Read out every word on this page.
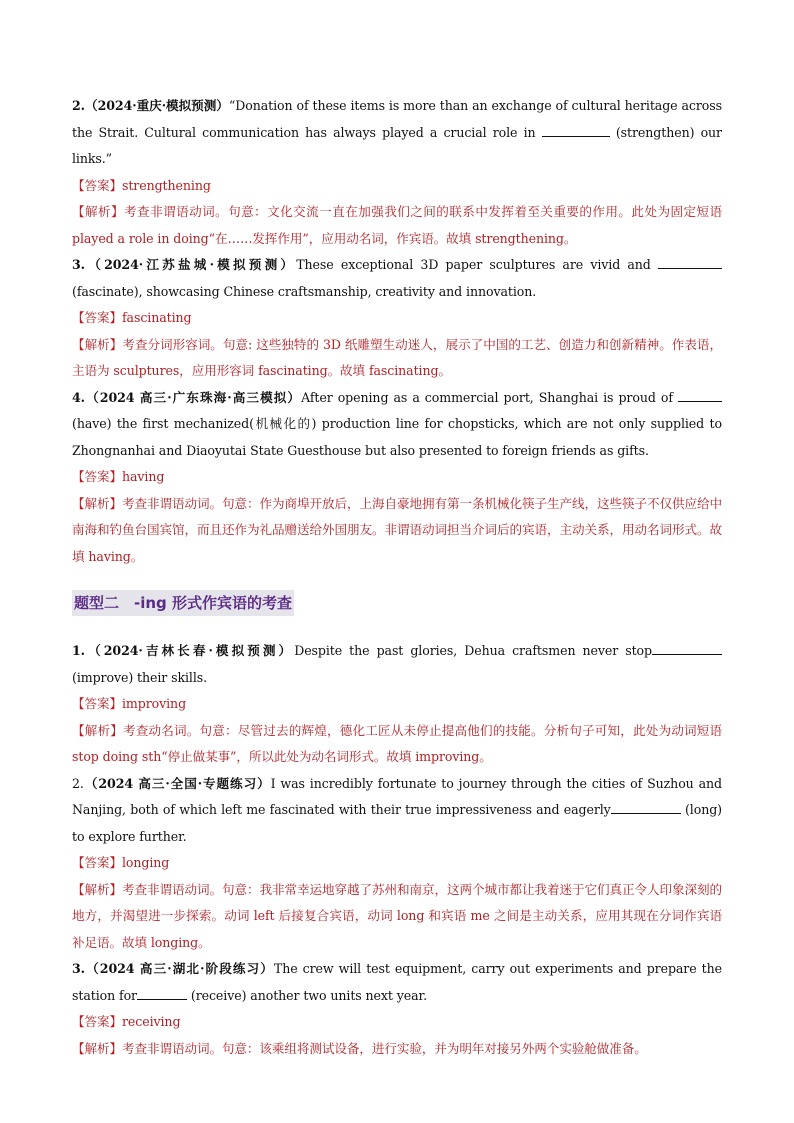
2.（2024·重庆·模拟预测）“Donation of these items is more than an exchange of cultural heritage across the Strait. Cultural communication has always played a crucial role in	(strengthen) our links.”

【答案】strengthening

【解析】考查非谓语动词。句意：文化交流一直在加强我们之间的联系中发挥着至关重要的作用。此处为固定短语 played a role in doing“在……发挥作用”，应用动名词，作宾语。故填 strengthening。

3.（2024·江苏盐城·模拟预测）These exceptional 3D paper sculptures are vivid and (fascinate), showcasing Chinese craftsmanship, creativity and innovation.

【答案】fascinating

【解析】考查分词形容词。句意: 这些独特的 3D 纸雕塑生动迷人，展示了中国的工艺、创造力和创新精神。作表语，主语为 sculptures，应用形容词 fascinating。故填 fascinating。

4.（2024 高三·广东珠海·高三模拟）After opening as a commercial port, Shanghai is proud of  (have) the first mechanized(机械化的) production line for chopsticks, which are not only supplied to Zhongnanhai and Diaoyutai State Guesthouse but also presented to foreign friends as gifts.

【答案】having

【解析】考查非谓语动词。句意：作为商埠开放后，上海自豪地拥有第一条机械化筷子生产线，这些筷子不仅供应给中南海和钓鱼台国宾馆，而且还作为礼品赠送给外国朋友。非谓语动词担当介词后的宾语，主动关系，用动名词形式。故填 having。

题型二　-ing 形式作宾语的考查

1.（2024·吉林长春·模拟预测）Despite the past glories, Dehua craftsmen never stop (improve) their skills.

【答案】improving

【解析】考查动名词。句意：尽管过去的辉煌，德化工匠从未停止提高他们的技能。分析句子可知，此处为动词短语 stop doing sth“停止做某事”，所以此处为动名词形式。故填 improving。

2.（2024 高三·全国·专题练习）I was incredibly fortunate to journey through the cities of Suzhou and Nanjing, both of which left me fascinated with their true impressiveness and eagerly	(long) to explore further.

【答案】longing

【解析】考查非谓语动词。句意：我非常幸运地穿越了苏州和南京，这两个城市都让我着迷于它们真正令人印象深刻的地方，并渴望进一步探索。动词 left 后接复合宾语，动词 long 和宾语 me 之间是主动关系，应用其现在分词作宾语补足语。故填 longing。

3.（2024 高三·湖北·阶段练习）The crew will test equipment, carry out experiments and prepare the station for	(receive) another two units next year.

【答案】receiving

【解析】考查非谓语动词。句意：该乘组将测试设备，进行实验，并为明年对接另外两个实验舱做准备。
